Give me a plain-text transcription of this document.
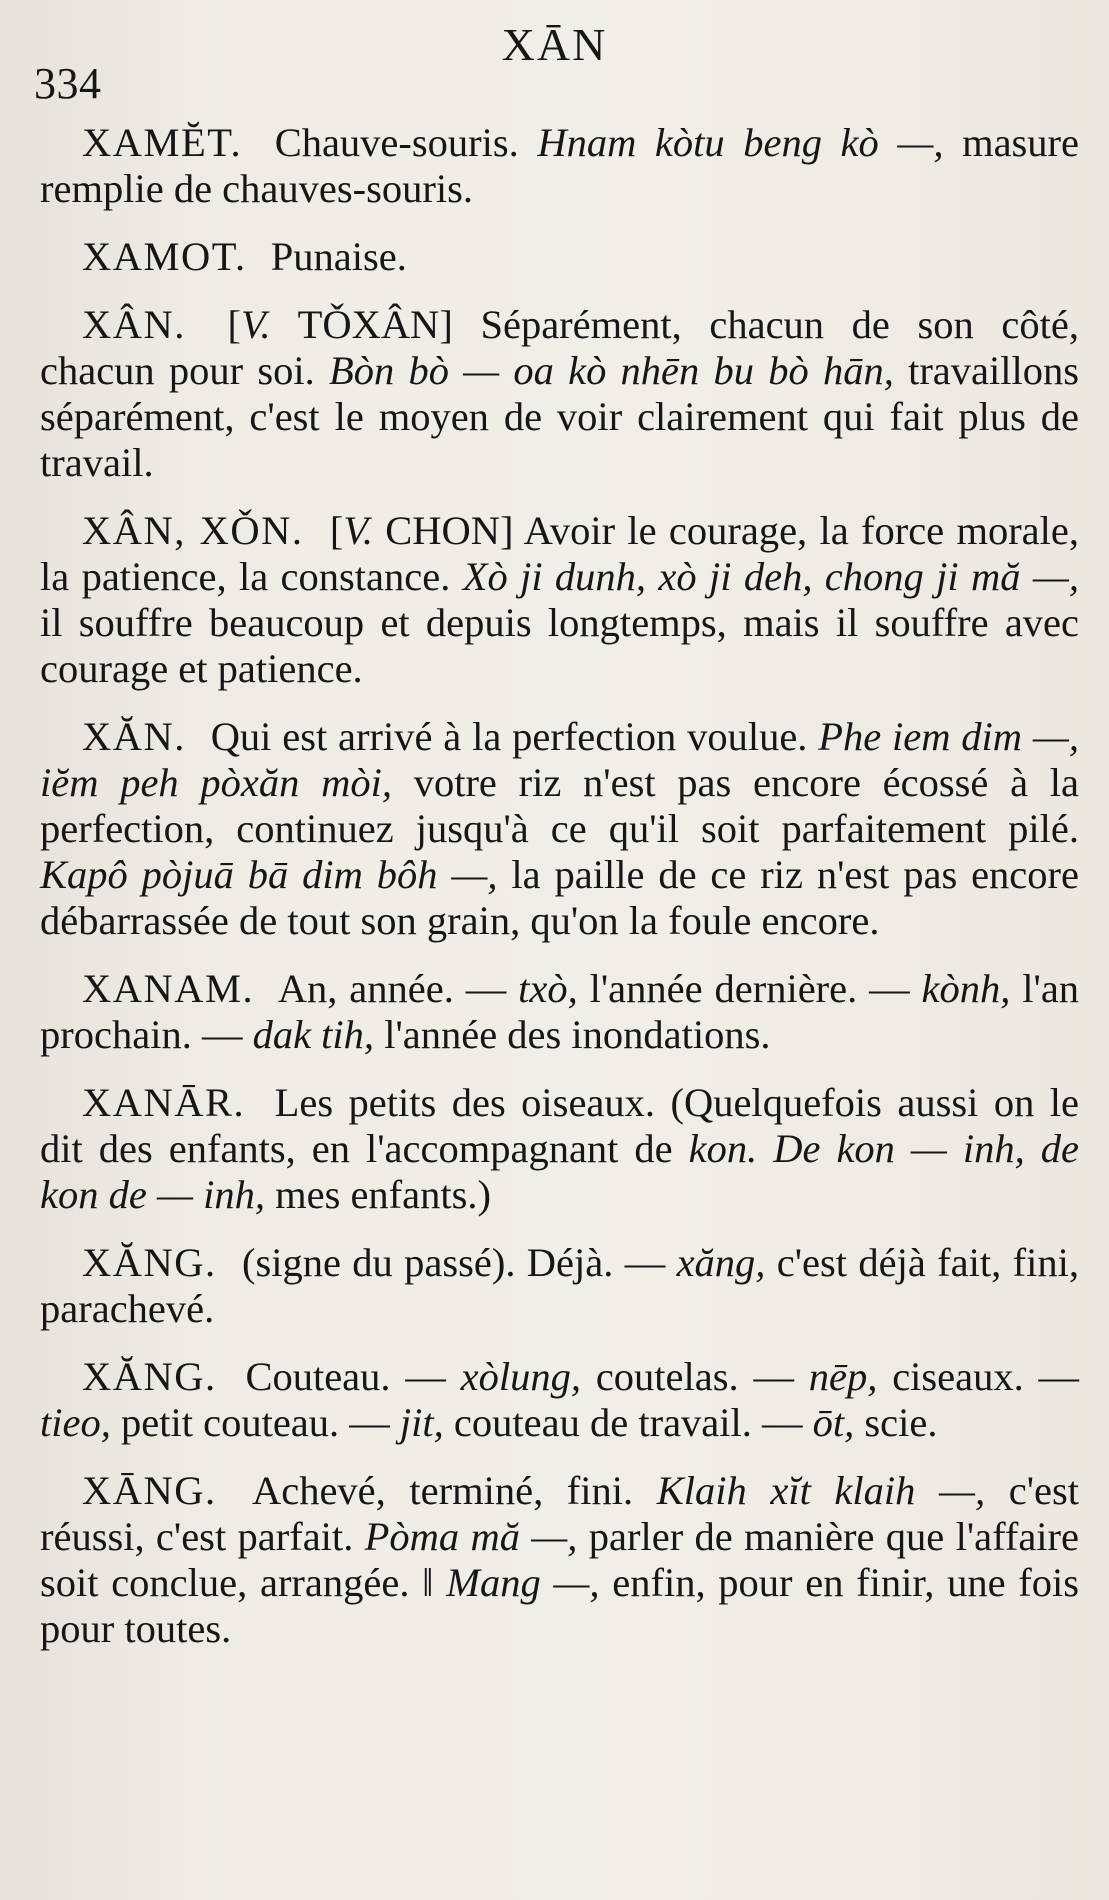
334
XĀN

XAMĔT. Chauve-souris. Hnam kòtu beng kò —, masure remplie de chauves-souris.

XAMOT. Punaise.

XÂN. [V. TǑXÂN] Séparément, chacun de son côté, chacun pour soi. Bòn bò — oa kò nhēn bu bò hān, travaillons séparément, c'est le moyen de voir clairement qui fait plus de travail.

XÂN, XǑN. [V. CHON] Avoir le courage, la force morale, la patience, la constance. Xò ji dunh, xò ji deh, chong ji mă —, il souffre beaucoup et depuis longtemps, mais il souffre avec courage et patience.

XĂN. Qui est arrivé à la perfection voulue. Phe iem dim —, iĕm peh pòxăn mòi, votre riz n'est pas encore écossé à la perfection, continuez jusqu'à ce qu'il soit parfaitement pilé. Kapô pòjuā bā dim bôh —, la paille de ce riz n'est pas encore débarrassée de tout son grain, qu'on la foule encore.

XANAM. An, année. — txò, l'année dernière. — kònh, l'an prochain. — dak tih, l'année des inondations.

XANĀR. Les petits des oiseaux. (Quelquefois aussi on le dit des enfants, en l'accompagnant de kon. De kon — inh, de kon de — inh, mes enfants.)

XĂNG. (signe du passé). Déjà. — xăng, c'est déjà fait, fini, parachevé.

XĂNG. Couteau. — xòlung, coutelas. — nēp, ciseaux. — tieo, petit couteau. — jit, couteau de travail. — ōt, scie.

XĀNG. Achevé, terminé, fini. Klaih xĭt klaih —, c'est réussi, c'est parfait. Pòma mă —, parler de manière que l'affaire soit conclue, arrangée. ‖ Mang —, enfin, pour en finir, une fois pour toutes.
